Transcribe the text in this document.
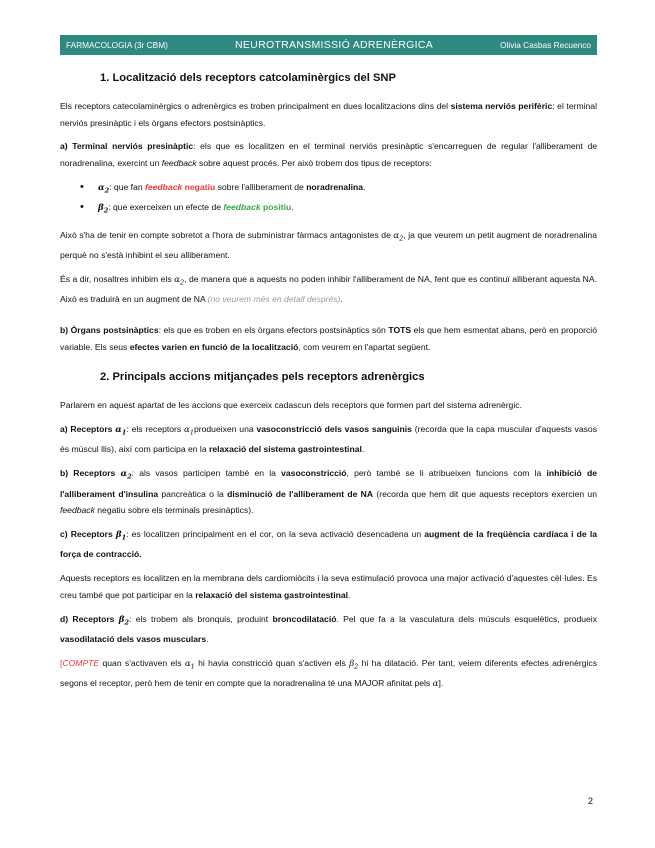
FARMACOLOGIA (3r CBM)	NEUROTRANSMISSIÓ ADRENÈRGICA	Olivia Casbas Recuenco
1. Localització dels receptors catcolaminèrgics del SNP

Els receptors catecolaminèrgics o adrenèrgics es troben principalment en dues localitzacions dins del sistema nerviós perifèric: el terminal nerviós presinàptic i els òrgans efectors postsinàptics.

a) Terminal nerviós presinàptic: els que es localitzen en el terminal nerviós presinàptic s'encarreguen de regular l'alliberament de noradrenalina, exercint un feedback sobre aquest procés. Per això trobem dos tipus de receptors:

• $\alpha_2$: que fan feedback negatiu sobre l'alliberament de noradrenalina.
• $\beta_2$: que exerceixen un efecte de feedback positiu.

Això s'ha de tenir en compte sobretot a l'hora de subministrar fàrmacs antagonistes de $\alpha_2$, ja que veurem un petit augment de noradrenalina perquè no s'està inhibint el seu alliberament.

És a dir, nosaltres inhibim els $\alpha_2$, de manera que a aquests no poden inhibir l'alliberament de NA, fent que es continuï alliberant aquesta NA. Això es traduirà en un augment de NA (no veurem més en detall després).

b) Òrgans postsinàptics: els que es troben en els òrgans efectors postsinàptics són TOTS els que hem esmentat abans, però en proporció variable. Els seus efectes varien en funció de la localització, com veurem en l'apartat següent.

2. Principals accions mitjançades pels receptors adrenèrgics

Parlarem en aquest apartat de les accions que exerceix cadascun dels receptors que formen part del sistema adrenèrgic.

a) Receptors $\alpha_1$: els receptors $\alpha_1produeixen$ una vasoconstricció dels vasos sanguinis (recorda que la capa muscular d'aquests vasos és múscul llis), així com participa en la relaxació del sistema gastrointestinal.

b) Receptors $\alpha_2$: als vasos participen també en la vasoconstricció, però també se li atribueixen funcions com la inhibició de l'alliberament d'insulina pancreàtica o la disminució de l'alliberament de NA (recorda que hem dit que aquests receptors exercien un feedback negatiu sobre els terminals presinàptics).

c) Receptors $\beta_1$: es localitzen principalment en el cor, on la seva activació desencadena un augment de la freqüència cardíaca i de la força de contracció.

Aquests receptors es localitzen en la membrana dels cardiomiòcits i la seva estimulació provoca una major activació d'aquestes cèl·lules. Es creu també que pot participar en la relaxació del sistema gastrointestinal.

d) Receptors $\beta_2$: els trobem als bronquis, produint broncodilatació. Pel que fa a la vasculatura dels músculs esquelètics, produeix vasodilatació dels vasos musculars.

[COMPTE quan s'activaven els $\alpha_1$ hi havia constricció quan s'activen els $\beta_2$ hi ha dilatació. Per tant, veiem diferents efectes adrenèrgics segons el receptor, però hem de tenir en compte que la noradrenalina té una MAJOR afinitat pels α].

2
